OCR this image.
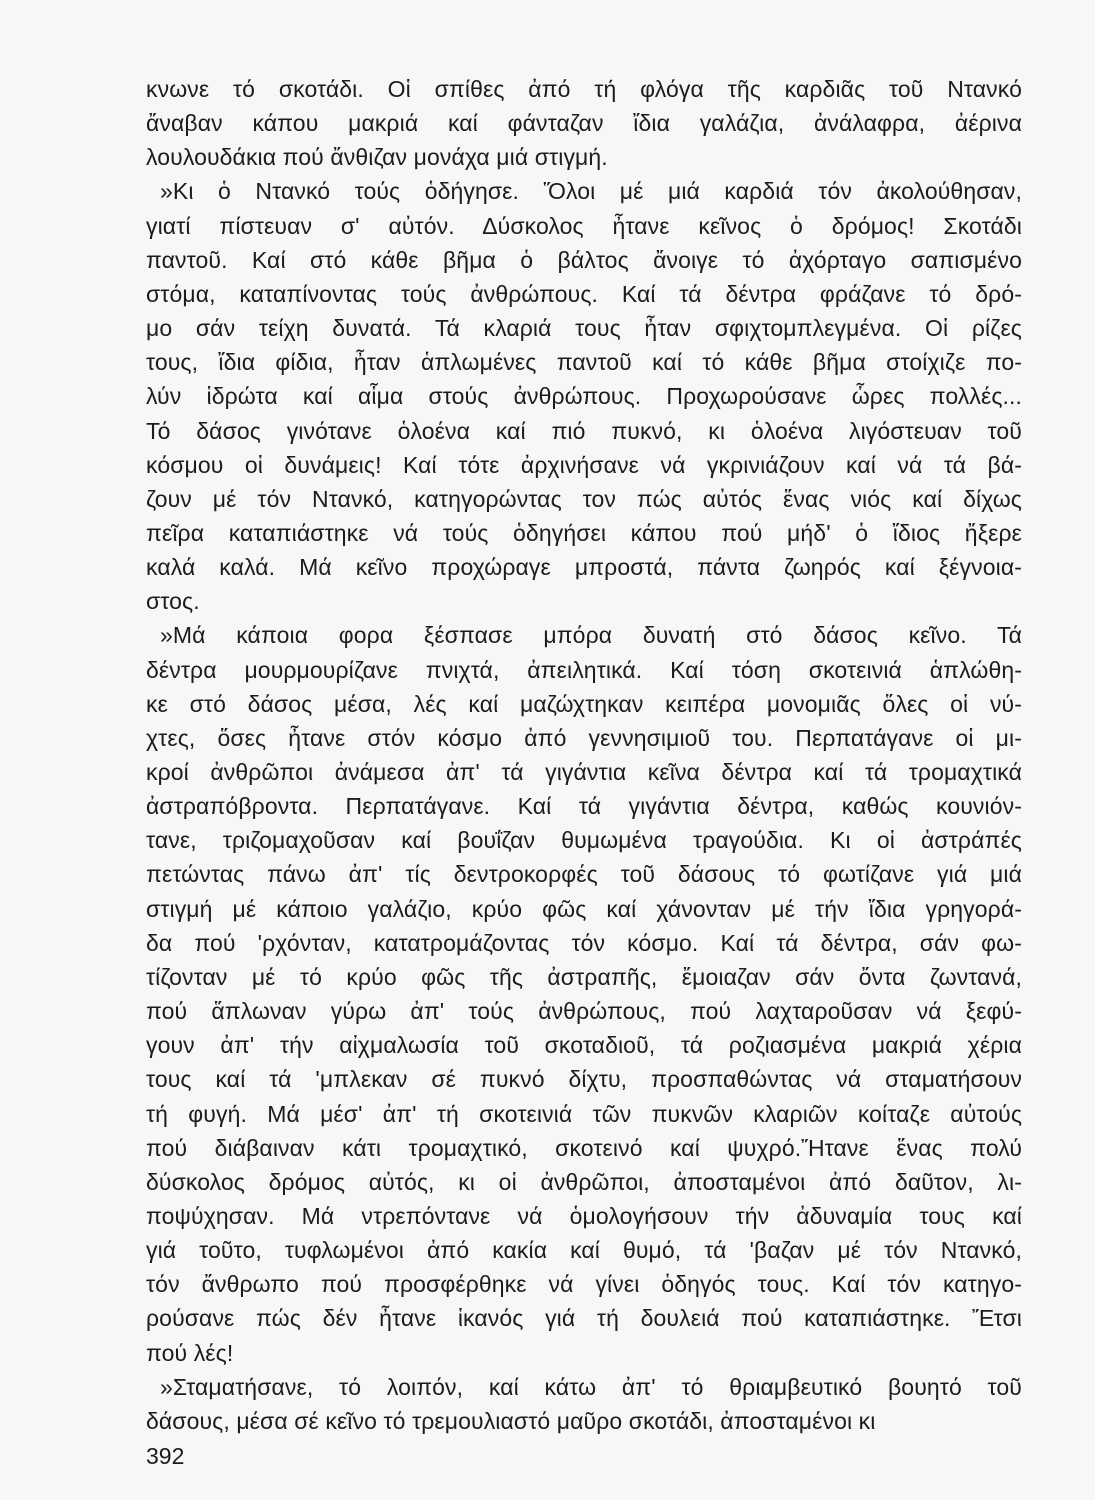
κνωνε τό σκοτάδι. Οἱ σπίθες ἀπό τή φλόγα τῆς καρδιᾶς τοῦ Ντανκό
ἄναβαν κάπου μακριά καί φάνταζαν ἴδια γαλάζια, ἀνάλαφρα, ἀέρινα
λουλουδάκια πού ἄνθιζαν μονάχα μιά στιγμή.
»Κι ὁ Ντανκό τούς ὁδήγησε. Ὅλοι μέ μιά καρδιά τόν ἀκολούθησαν,
γιατί πίστευαν σ' αὐτόν. Δύσκολος ἦτανε κεῖνος ὁ δρόμος! Σκοτάδι
παντοῦ. Καί στό κάθε βῆμα ὁ βάλτος ἄνοιγε τό ἀχόρταγο σαπισμένο
στόμα, καταπίνοντας τούς ἀνθρώπους. Καί τά δέντρα φράζανε τό δρό-
μο σάν τείχη δυνατά. Τά κλαριά τους ἦταν σφιχτομπλεγμένα. Οἱ ρίζες
τους, ἴδια φίδια, ἦταν ἁπλωμένες παντοῦ καί τό κάθε βῆμα στοίχιζε πο-
λύν ἱδρώτα καί αἷμα στούς ἀνθρώπους. Προχωρούσανε ὧρες πολλές...
Τό δάσος γινότανε ὁλοένα καί πιό πυκνό, κι ὁλοένα λιγόστευαν τοῦ
κόσμου οἱ δυνάμεις! Καί τότε ἀρχινήσανε νά γκρινιάζουν καί νά τά βά-
ζουν μέ τόν Ντανκό, κατηγορώντας τον πώς αὐτός ἕνας νιός καί δίχως
πεῖρα καταπιάστηκε νά τούς ὁδηγήσει κάπου πού μήδ' ὁ ἴδιος ἤξερε
καλά καλά. Μά κεῖνο προχώραγε μπροστά, πάντα ζωηρός καί ξέγνοια-
στος.
»Μά κάποια φορα ξέσπασε μπόρα δυνατή στό δάσος κεῖνο. Τά
δέντρα μουρμουρίζανε πνιχτά, ἀπειλητικά. Καί τόση σκοτεινιά ἁπλώθη-
κε στό δάσος μέσα, λές καί μαζώχτηκαν κειπέρα μονομιᾶς ὅλες οἱ νύ-
χτες, ὅσες ἦτανε στόν κόσμο ἀπό γεννησιμιοῦ του. Περπατάγανε οἱ μι-
κροί ἀνθρῶποι ἀνάμεσα ἀπ' τά γιγάντια κεῖνα δέντρα καί τά τρομαχτικά
ἀστραπόβροντα. Περπατάγανε. Καί τά γιγάντια δέντρα, καθώς κουνιόν-
τανε, τριζομαχοῦσαν καί βουΐζαν θυμωμένα τραγούδια. Κι οἱ ἀστράπές
πετώντας πάνω ἀπ' τίς δεντροκορφές τοῦ δάσους τό φωτίζανε γιά μιά
στιγμή μέ κάποιο γαλάζιο, κρύο φῶς καί χάνονταν μέ τήν ἴδια γρηγορά-
δα πού 'ρχόνταν, κατατρομάζοντας τόν κόσμο. Καί τά δέντρα, σάν φω-
τίζονταν μέ τό κρύο φῶς τῆς ἀστραπῆς, ἔμοιαζαν σάν ὄντα ζωντανά,
πού ἅπλωναν γύρω ἀπ' τούς ἀνθρώπους, πού λαχταροῦσαν νά ξεφύ-
γουν ἀπ' τήν αἰχμαλωσία τοῦ σκοταδιοῦ, τά ροζιασμένα μακριά χέρια
τους καί τά 'μπλεκαν σέ πυκνό δίχτυ, προσπαθώντας νά σταματήσουν
τή φυγή. Μά μέσ' ἀπ' τή σκοτεινιά τῶν πυκνῶν κλαριῶν κοίταζε αὐτούς
πού διάβαιναν κάτι τρομαχτικό, σκοτεινό καί ψυχρό.Ἤτανε ἕνας πολύ
δύσκολος δρόμος αὐτός, κι οἱ ἀνθρῶποι, ἀποσταμένοι ἀπό δαῦτον, λι-
ποψύχησαν. Μά ντρεπόντανε νά ὁμολογήσουν τήν ἀδυναμία τους καί
γιά τοῦτο, τυφλωμένοι ἀπό κακία καί θυμό, τά 'βαζαν μέ τόν Ντανκό,
τόν ἄνθρωπο πού προσφέρθηκε νά γίνει ὁδηγός τους. Καί τόν κατηγο-
ρούσανε πώς δέν ἦτανε ἱκανός γιά τή δουλειά πού καταπιάστηκε. Ἔτσι
πού λές!
»Σταματήσανε, τό λοιπόν, καί κάτω ἀπ' τό θριαμβευτικό βουητό τοῦ
δάσους, μέσα σέ κεῖνο τό τρεμουλιαστό μαῦρο σκοτάδι, ἀποσταμένοι κι
392
